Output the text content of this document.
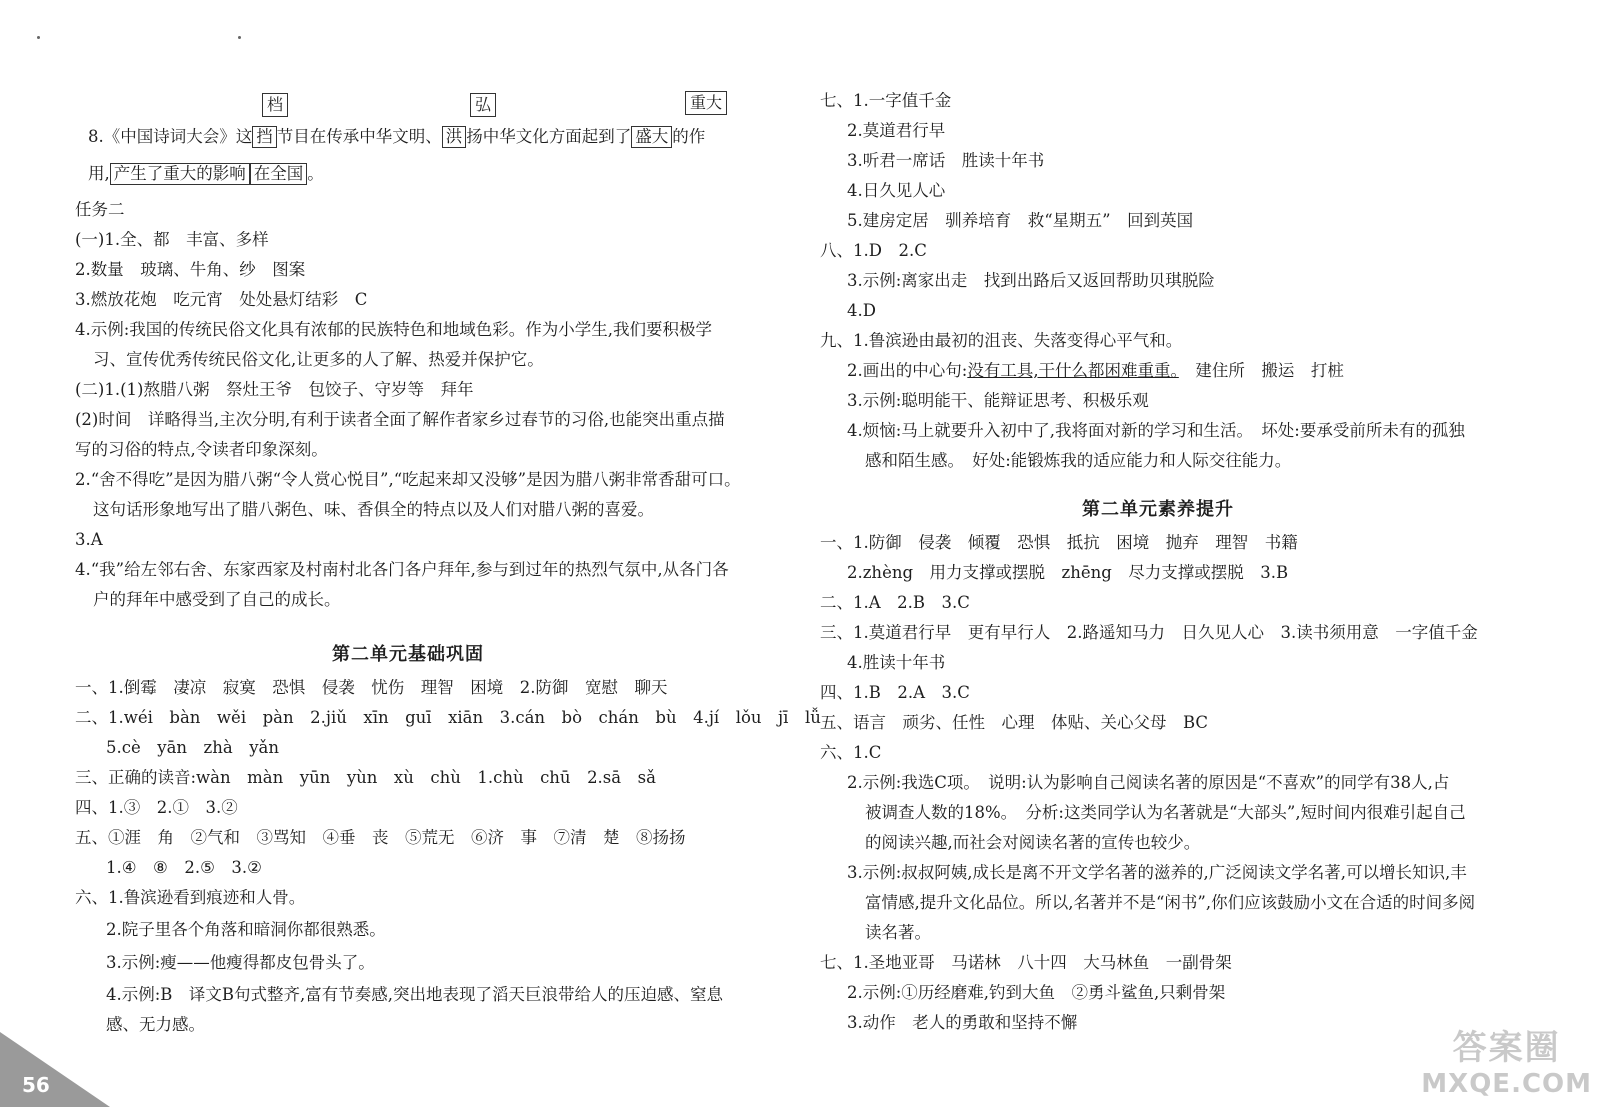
档	弘	重大
8.《中国诗词大会》这 挡 节目在传承中华文明、 洪 扬中华文化方面起到了 盛大 的作
用, 产生了重大的影响 在全国 。
任务二
(一)1.全、都　丰富、多样
2.数量　玻璃、牛角、纱　图案
3.燃放花炮　吃元宵　处处悬灯结彩　C
4.示例:我国的传统民俗文化具有浓郁的民族特色和地域色彩。作为小学生,我们要积极学
习、宣传优秀传统民俗文化,让更多的人了解、热爱并保护它。
(二)1.(1)熬腊八粥　祭灶王爷　包饺子、守岁等　拜年
(2)时间　详略得当,主次分明,有利于读者全面了解作者家乡过春节的习俗,也能突出重点描
写的习俗的特点,令读者印象深刻。
2.“舍不得吃”是因为腊八粥“令人赏心悦目”,“吃起来却又没够”是因为腊八粥非常香甜可口。
这句话形象地写出了腊八粥色、味、香俱全的特点以及人们对腊八粥的喜爱。
3.A
4.“我”给左邻右舍、东家西家及村南村北各门各户拜年,参与到过年的热烈气氛中,从各门各
户的拜年中感受到了自己的成长。
第二单元基础巩固
一、1.倒霉　凄凉　寂寞　恐惧　侵袭　忧伤　理智　困境　2.防御　宽慰　聊天
二、1.wéi　bàn　wěi　pàn　2.jiǔ　xīn　guī　xiān　3.cán　bò　chán　bù　4.jí　lǒu　jī　lǚ
5.cè　yān　zhà　yǎn
三、正确的读音:wàn　màn　yūn　yùn　xù　chù　1.chù　chū　2.sā　sǎ
四、1.③　2.①　3.②
五、①涯　角　②气和　③骂知　④垂　丧　⑤荒无　⑥济　事　⑦清　楚　⑧扬扬
1.④　⑧　2.⑤　3.②
六、1.鲁滨逊看到痕迹和人骨。
2.院子里各个角落和暗洞你都很熟悉。
3.示例:瘦——他瘦得都皮包骨头了。
4.示例:B　译文B句式整齐,富有节奏感,突出地表现了滔天巨浪带给人的压迫感、窒息
感、无力感。
七、1.一字值千金
2.莫道君行早
3.听君一席话　胜读十年书
4.日久见人心
5.建房定居　驯养培育　救“星期五”　回到英国
八、1.D　2.C
3.示例:离家出走　找到出路后又返回帮助贝琪脱险
4.D
九、1.鲁滨逊由最初的沮丧、失落变得心平气和。
2.画出的中心句:没有工具,干什么都困难重重。　建住所　搬运　打桩
3.示例:聪明能干、能辩证思考、积极乐观
4.烦恼:马上就要升入初中了,我将面对新的学习和生活。　坏处:要承受前所未有的孤独
感和陌生感。　好处:能锻炼我的适应能力和人际交往能力。
第二单元素养提升
一、1.防御　侵袭　倾覆　恐惧　抵抗　困境　抛弃　理智　书籍
2.zhèng　用力支撑或摆脱　zhēng　尽力支撑或摆脱　3.B
二、1.A　2.B　3.C
三、1.莫道君行早　更有早行人　2.路遥知马力　日久见人心　3.读书须用意　一字值千金
4.胜读十年书
四、1.B　2.A　3.C
五、语言　顽劣、任性　心理　体贴、关心父母　BC
六、1.C
2.示例:我选C项。　说明:认为影响自己阅读名著的原因是“不喜欢”的同学有38人,占
被调查人数的18%。　分析:这类同学认为名著就是“大部头”,短时间内很难引起自己
的阅读兴趣,而社会对阅读名著的宣传也较少。
3.示例:叔叔阿姨,成长是离不开文学名著的滋养的,广泛阅读文学名著,可以增长知识,丰
富情感,提升文化品位。所以,名著并不是“闲书”,你们应该鼓励小文在合适的时间多阅
读名著。
七、1.圣地亚哥　马诺林　八十四　大马林鱼　一副骨架
2.示例:①历经磨难,钓到大鱼　②勇斗鲨鱼,只剩骨架
3.动作　老人的勇敢和坚持不懈
56
答案圈
MXQE.COM
